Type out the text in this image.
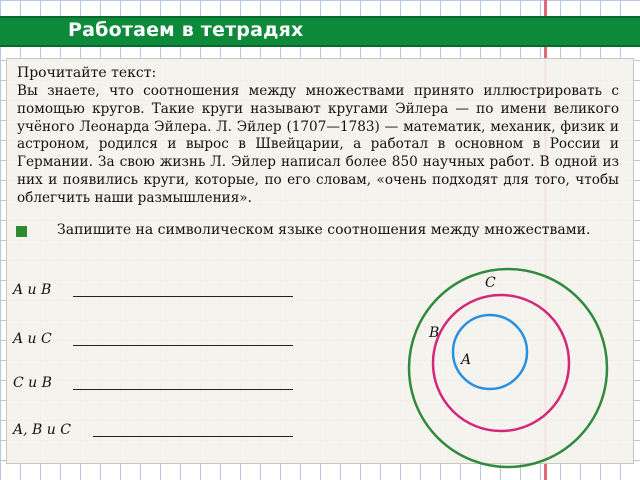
Работаем в тетрадях
Прочитайте текст:
Вы знаете, что соотношения между множествами принято иллюстрировать с помощью кругов. Такие круги называют кругами Эйлера — по имени великого учёного Леонарда Эйлера. Л. Эйлер (1707—1783) — математик, механик, физик и астроном, родился и вырос в Швейцарии, а работал в основном в России и Германии. За свою жизнь Л. Эйлер написал более 850 научных работ. В одной из них и появились круги, которые, по его словам, «очень подходят для того, чтобы облегчить наши размышления».
Запишите на символическом языке соотношения между множествами.
A и B
A и C
C и B
A, B и C
C
B
A
